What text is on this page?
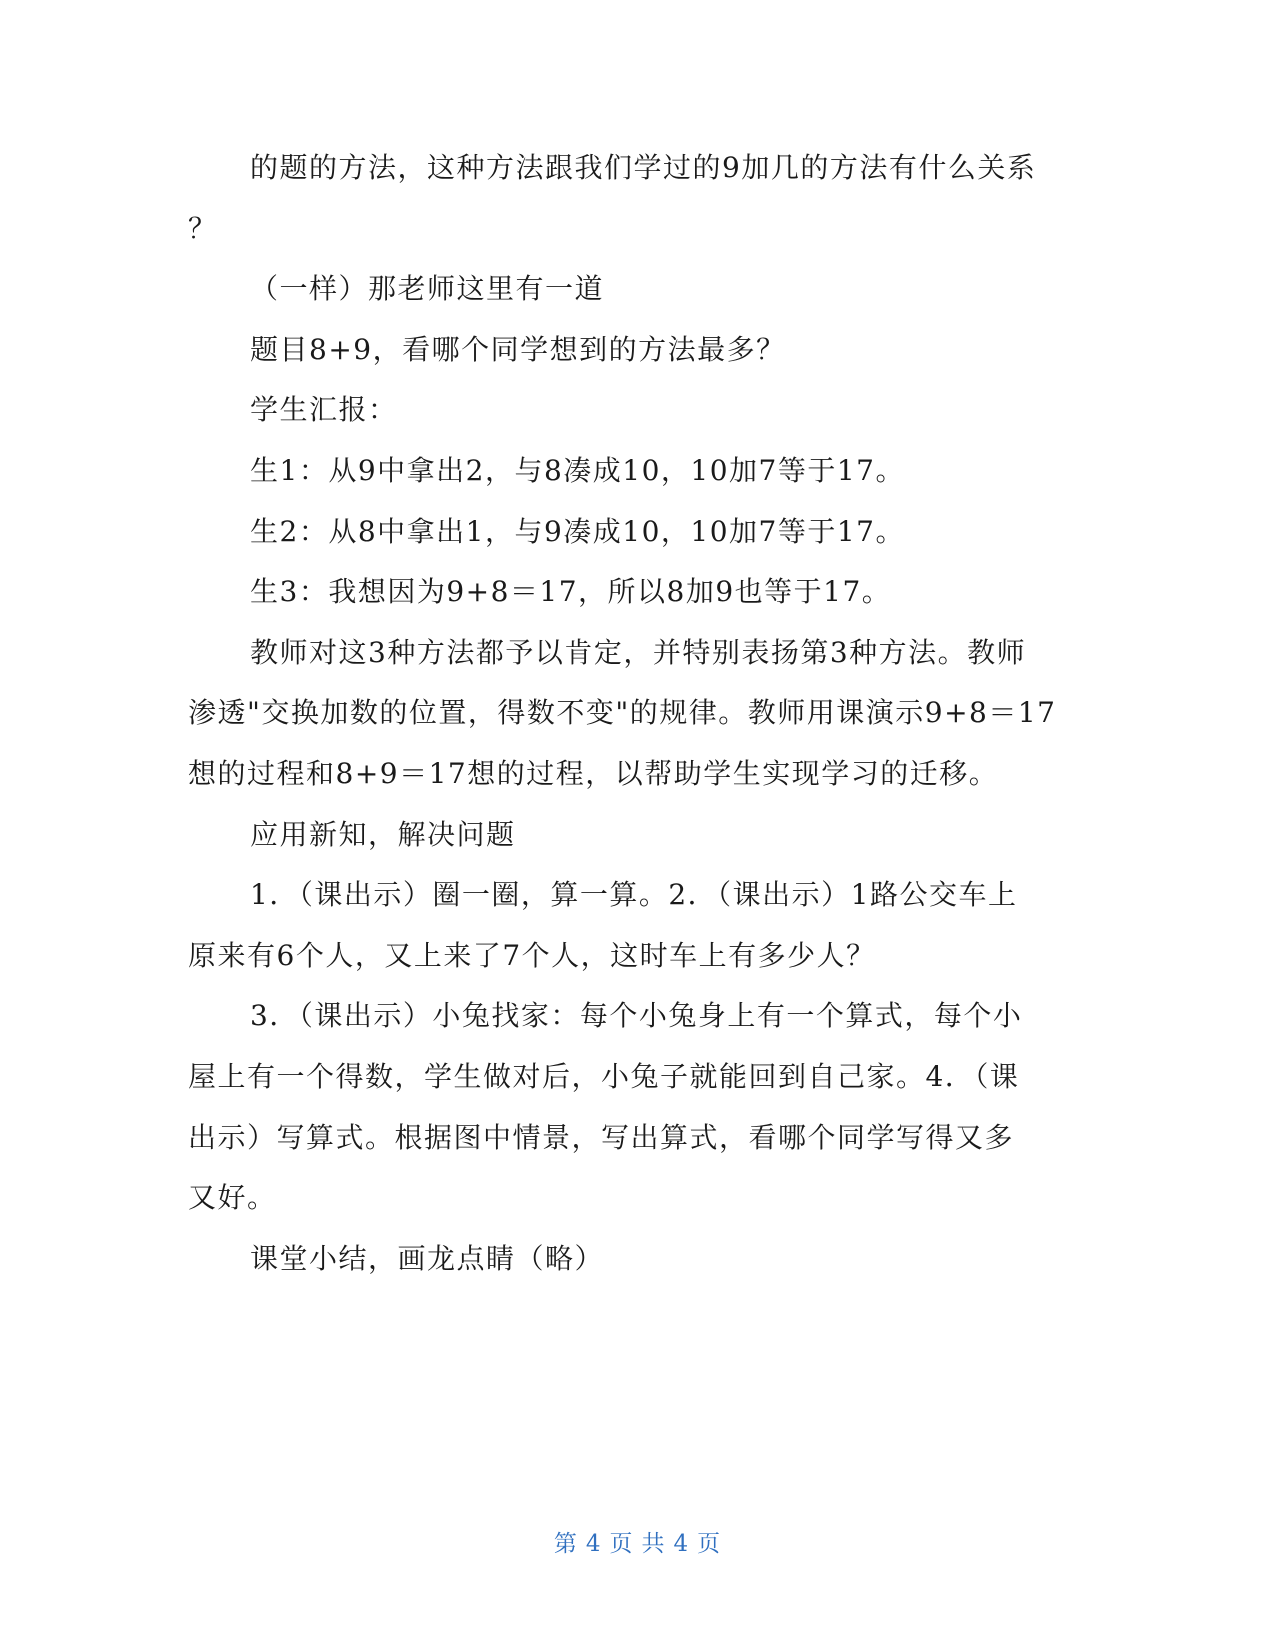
的题的方法，这种方法跟我们学过的9加几的方法有什么关系
？
（一样）那老师这里有一道
题目8+9，看哪个同学想到的方法最多？
学生汇报：
生1：从9中拿出2，与8凑成10，10加7等于17。
生2：从8中拿出1，与9凑成10，10加7等于17。
生3：我想因为9+8＝17，所以8加9也等于17。
教师对这3种方法都予以肯定，并特别表扬第3种方法。教师
渗透"交换加数的位置，得数不变"的规律。教师用课演示9+8＝17
想的过程和8+9＝17想的过程，以帮助学生实现学习的迁移。
应用新知，解决问题
1．（课出示）圈一圈，算一算。2．（课出示）1路公交车上
原来有6个人，又上来了7个人，这时车上有多少人？
3．（课出示）小兔找家：每个小兔身上有一个算式，每个小
屋上有一个得数，学生做对后，小兔子就能回到自己家。4．（课
出示）写算式。根据图中情景，写出算式，看哪个同学写得又多
又好。
课堂小结，画龙点睛（略）
第 4 页 共 4 页
